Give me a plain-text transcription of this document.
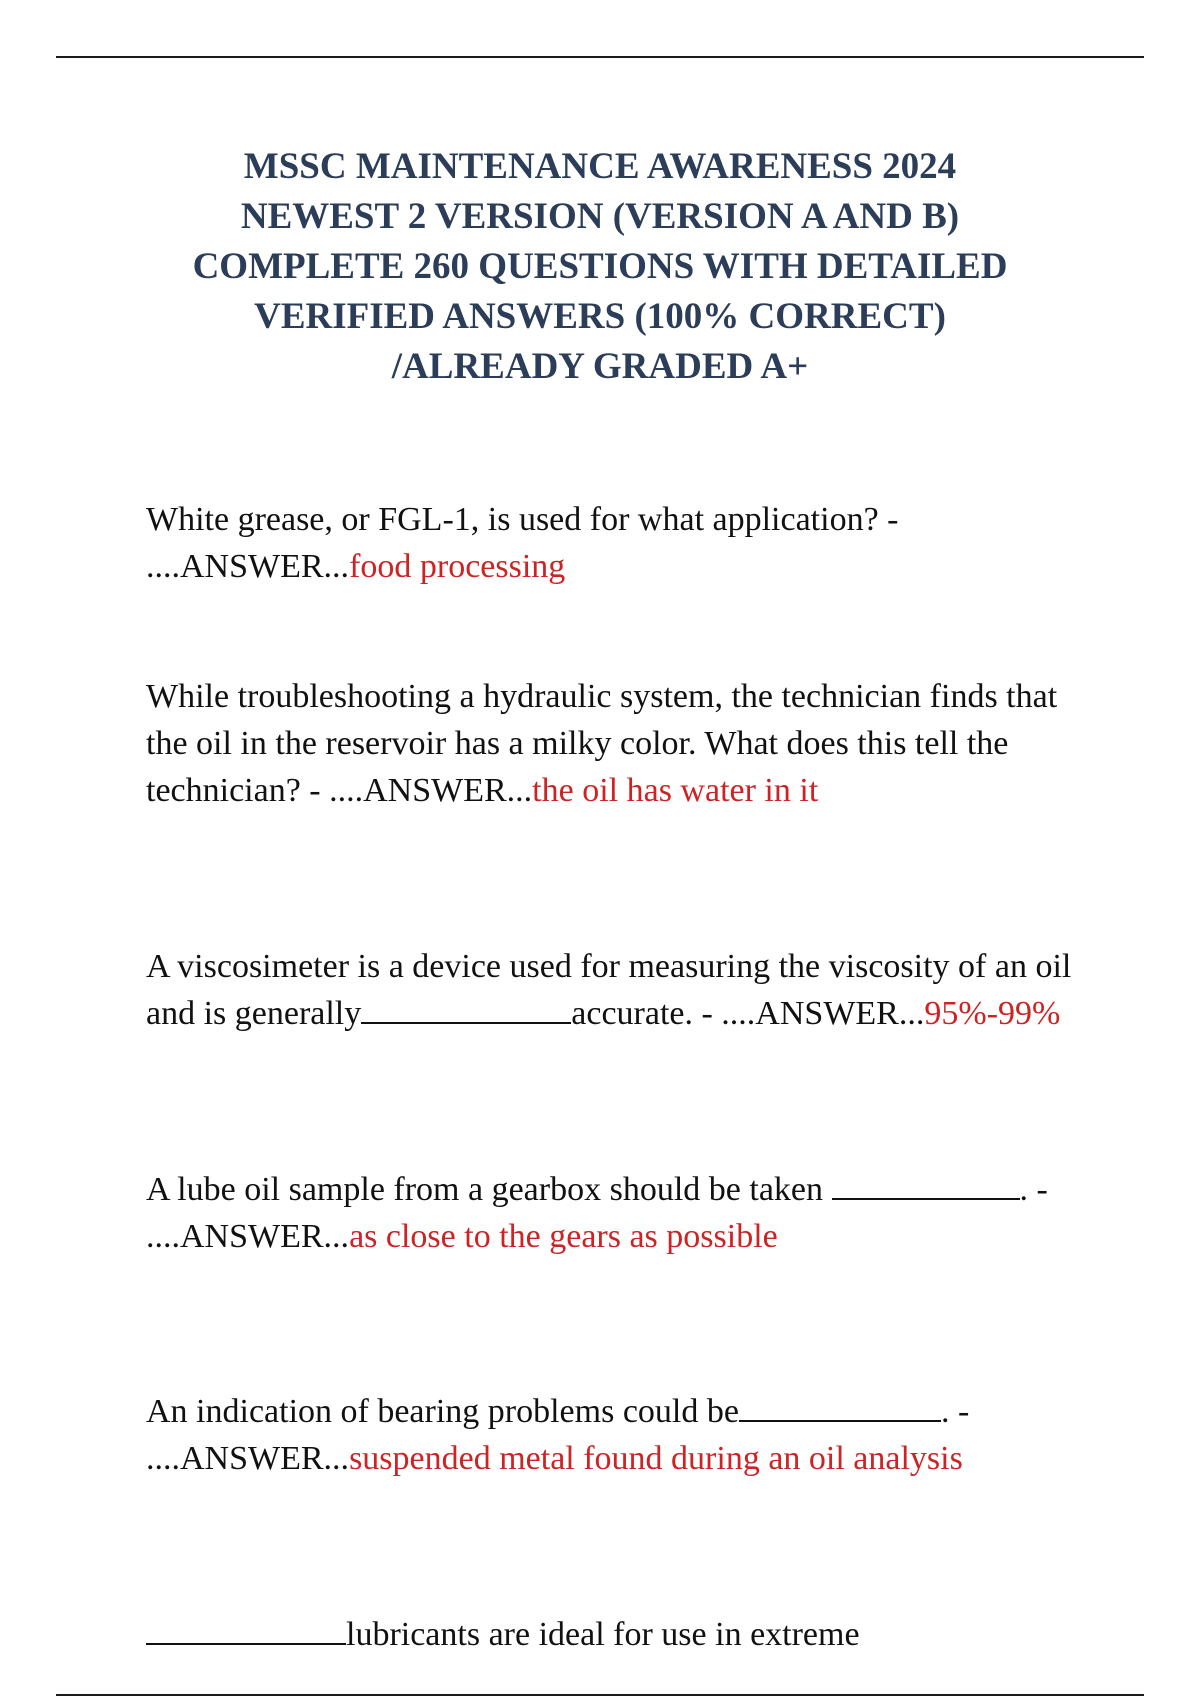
MSSC MAINTENANCE AWARENESS 2024
NEWEST 2 VERSION (VERSION A AND B)
COMPLETE 260 QUESTIONS WITH DETAILED
VERIFIED ANSWERS (100% CORRECT)
/ALREADY GRADED A+
White grease, or FGL-1, is used for what application? - ....ANSWER...food processing
While troubleshooting a hydraulic system, the technician finds that the oil in the reservoir has a milky color. What does this tell the technician? - ....ANSWER...the oil has water in it
A viscosimeter is a device used for measuring the viscosity of an oil and is generally	accurate. - ....ANSWER...95%-99%
A lube oil sample from a gearbox should be taken	. - ....ANSWER...as close to the gears as possible
An indication of bearing problems could be	. - ....ANSWER...suspended metal found during an oil analysis
lubricants are ideal for use in extreme
